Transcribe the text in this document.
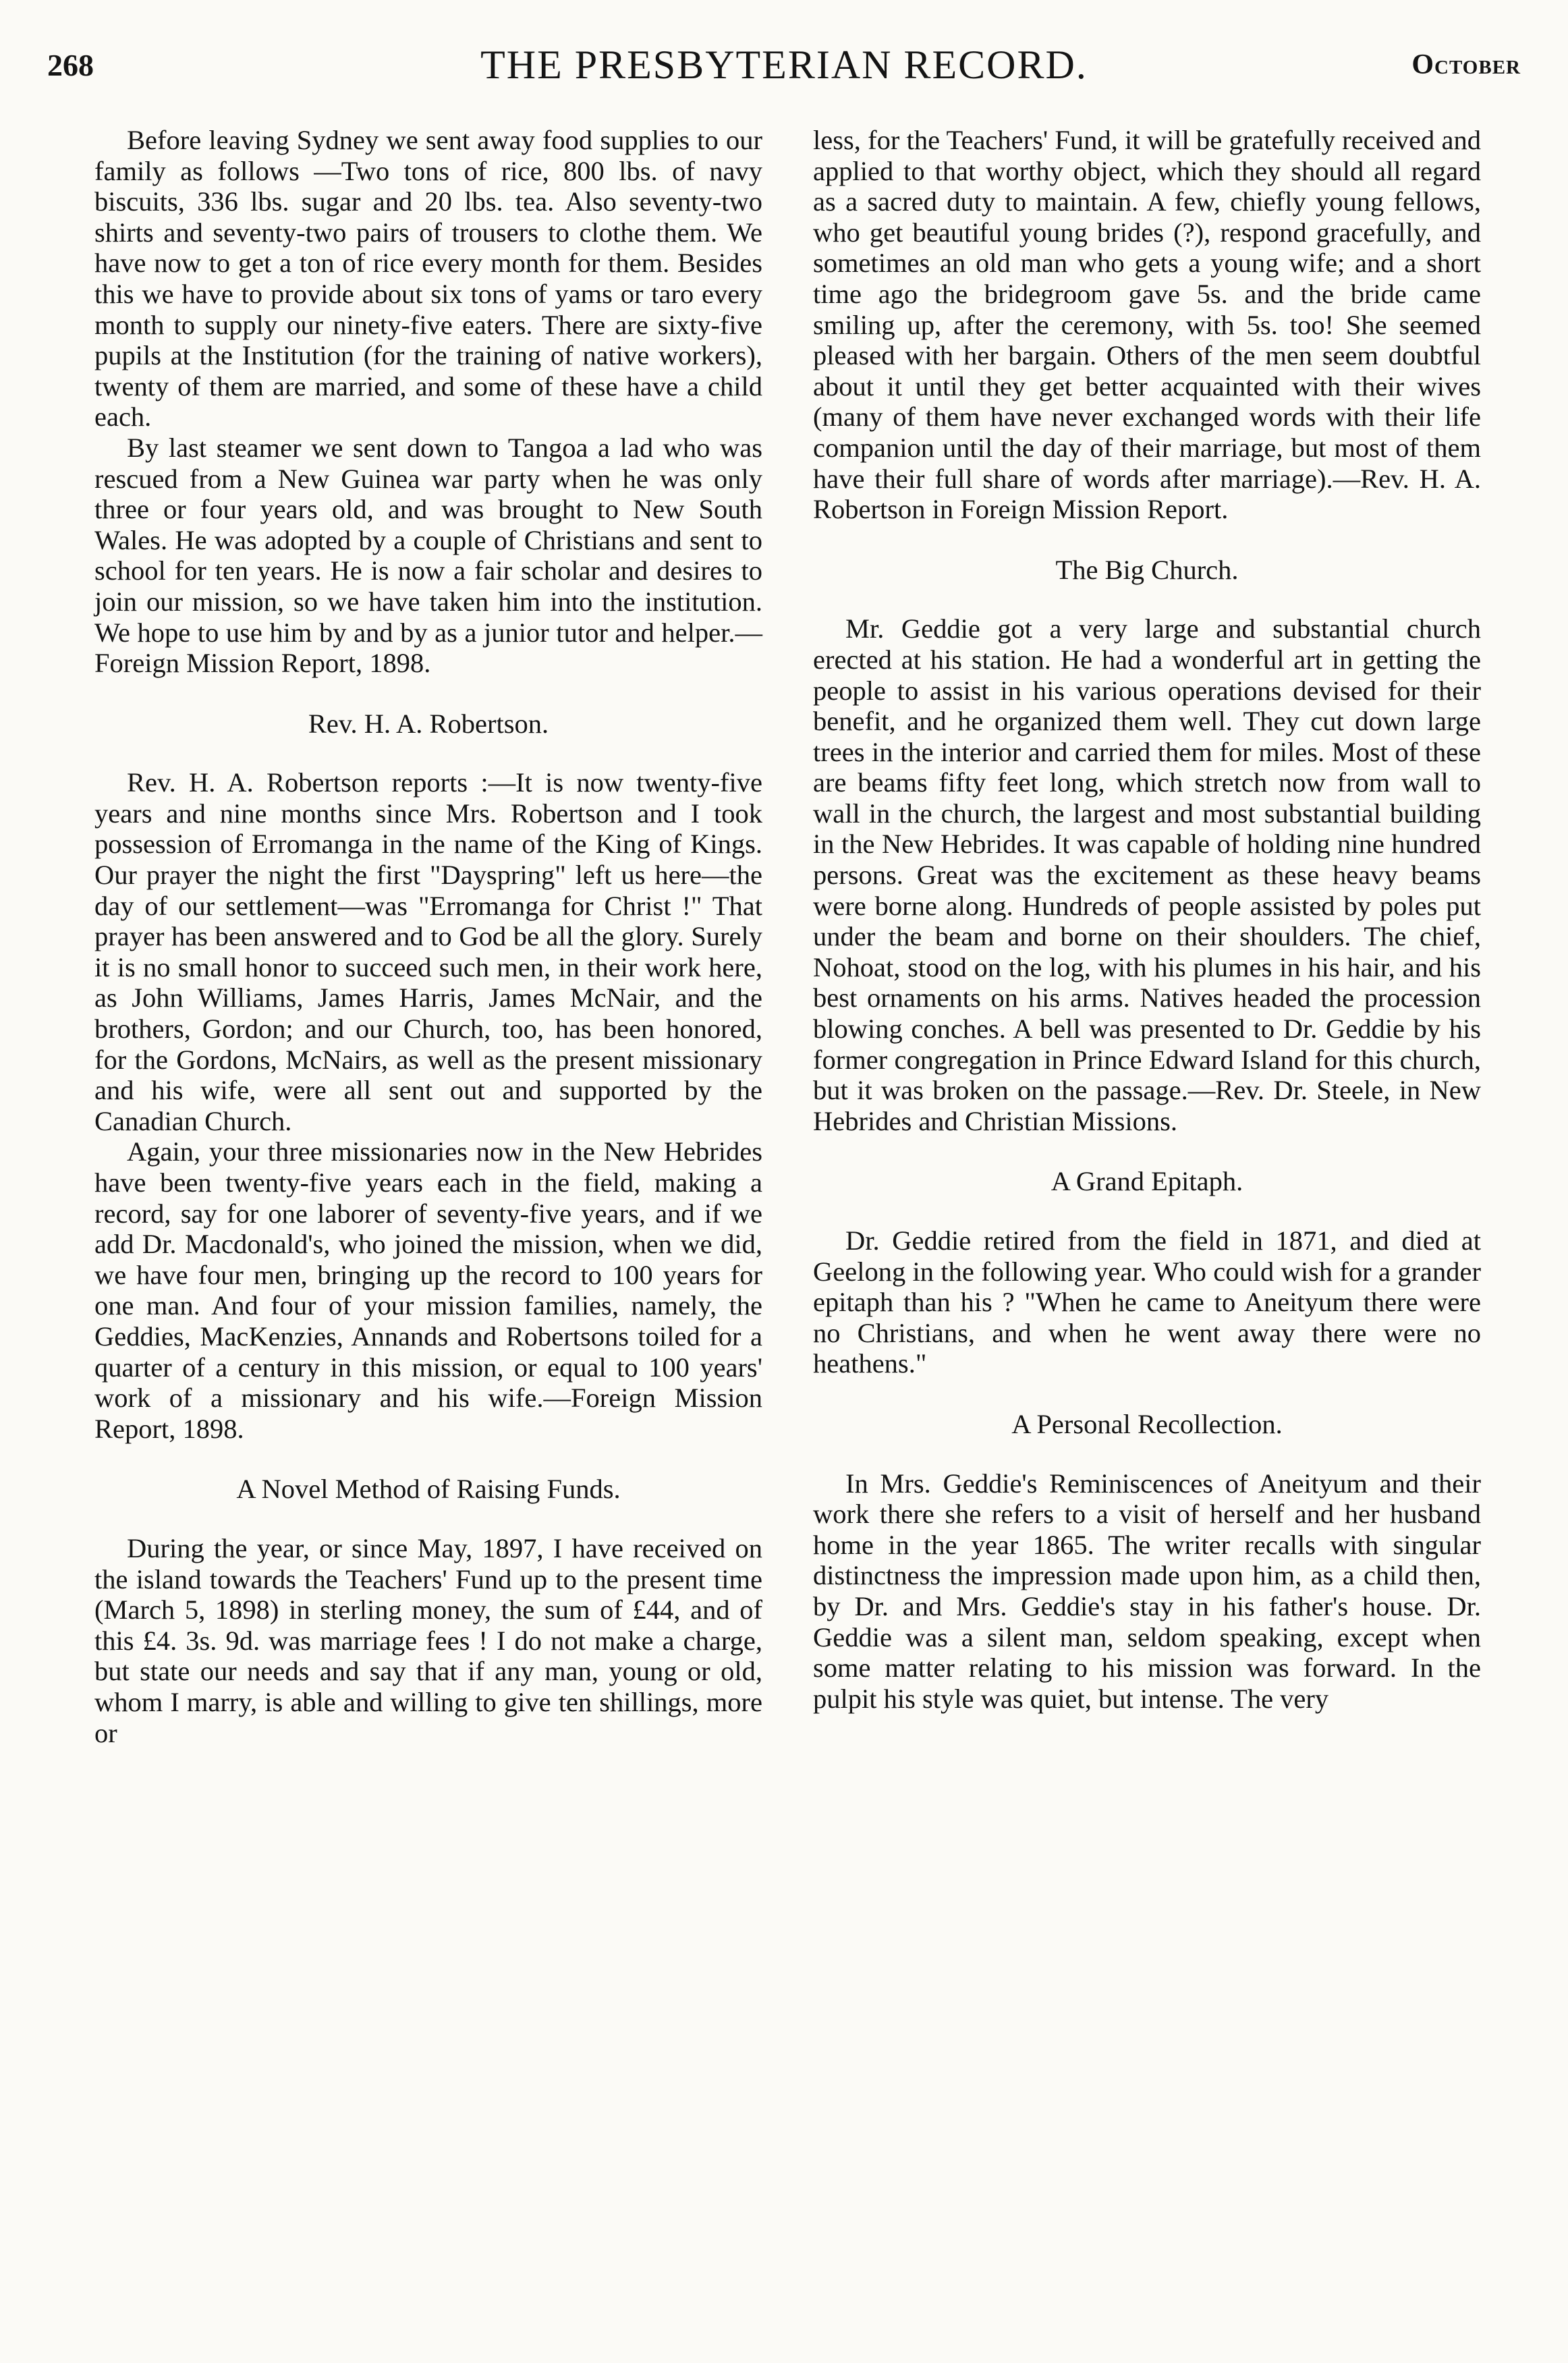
268	THE PRESBYTERIAN RECORD.	October

Before leaving Sydney we sent away food supplies to our family as follows —Two tons of rice, 800 lbs. of navy biscuits, 336 lbs. sugar and 20 lbs. tea. Also seventy-two shirts and seventy-two pairs of trousers to clothe them. We have now to get a ton of rice every month for them. Besides this we have to provide about six tons of yams or taro every month to supply our ninety-five eaters. There are sixty-five pupils at the Institution (for the training of native workers), twenty of them are married, and some of these have a child each.

By last steamer we sent down to Tangoa a lad who was rescued from a New Guinea war party when he was only three or four years old, and was brought to New South Wales. He was adopted by a couple of Christians and sent to school for ten years. He is now a fair scholar and desires to join our mission, so we have taken him into the institution. We hope to use him by and by as a junior tutor and helper.—Foreign Mission Report, 1898.

Rev. H. A. Robertson.

Rev. H. A. Robertson reports :—It is now twenty-five years and nine months since Mrs. Robertson and I took possession of Erromanga in the name of the King of Kings. Our prayer the night the first "Dayspring" left us here—the day of our settlement—was "Erromanga for Christ !" That prayer has been answered and to God be all the glory. Surely it is no small honor to succeed such men, in their work here, as John Williams, James Harris, James McNair, and the brothers, Gordon; and our Church, too, has been honored, for the Gordons, McNairs, as well as the present missionary and his wife, were all sent out and supported by the Canadian Church.

Again, your three missionaries now in the New Hebrides have been twenty-five years each in the field, making a record, say for one laborer of seventy-five years, and if we add Dr. Macdonald's, who joined the mission, when we did, we have four men, bringing up the record to 100 years for one man. And four of your mission families, namely, the Geddies, MacKenzies, Annands and Robertsons toiled for a quarter of a century in this mission, or equal to 100 years' work of a missionary and his wife.—Foreign Mission Report, 1898.

A Novel Method of Raising Funds.

During the year, or since May, 1897, I have received on the island towards the Teachers' Fund up to the present time (March 5, 1898) in sterling money, the sum of £44, and of this £4. 3s. 9d. was marriage fees ! I do not make a charge, but state our needs and say that if any man, young or old, whom I marry, is able and willing to give ten shillings, more or

less, for the Teachers' Fund, it will be gratefully received and applied to that worthy object, which they should all regard as a sacred duty to maintain. A few, chiefly young fellows, who get beautiful young brides (?), respond gracefully, and sometimes an old man who gets a young wife; and a short time ago the bridegroom gave 5s. and the bride came smiling up, after the ceremony, with 5s. too! She seemed pleased with her bargain. Others of the men seem doubtful about it until they get better acquainted with their wives (many of them have never exchanged words with their life companion until the day of their marriage, but most of them have their full share of words after marriage).—Rev. H. A. Robertson in Foreign Mission Report.

The Big Church.

Mr. Geddie got a very large and substantial church erected at his station. He had a wonderful art in getting the people to assist in his various operations devised for their benefit, and he organized them well. They cut down large trees in the interior and carried them for miles. Most of these are beams fifty feet long, which stretch now from wall to wall in the church, the largest and most substantial building in the New Hebrides. It was capable of holding nine hundred persons. Great was the excitement as these heavy beams were borne along. Hundreds of people assisted by poles put under the beam and borne on their shoulders. The chief, Nohoat, stood on the log, with his plumes in his hair, and his best ornaments on his arms. Natives headed the procession blowing conches. A bell was presented to Dr. Geddie by his former congregation in Prince Edward Island for this church, but it was broken on the passage.—Rev. Dr. Steele, in New Hebrides and Christian Missions.

A Grand Epitaph.

Dr. Geddie retired from the field in 1871, and died at Geelong in the following year. Who could wish for a grander epitaph than his ? "When he came to Aneityum there were no Christians, and when he went away there were no heathens."

A Personal Recollection.

In Mrs. Geddie's Reminiscences of Aneityum and their work there she refers to a visit of herself and her husband home in the year 1865. The writer recalls with singular distinctness the impression made upon him, as a child then, by Dr. and Mrs. Geddie's stay in his father's house. Dr. Geddie was a silent man, seldom speaking, except when some matter relating to his mission was forward. In the pulpit his style was quiet, but intense. The very
